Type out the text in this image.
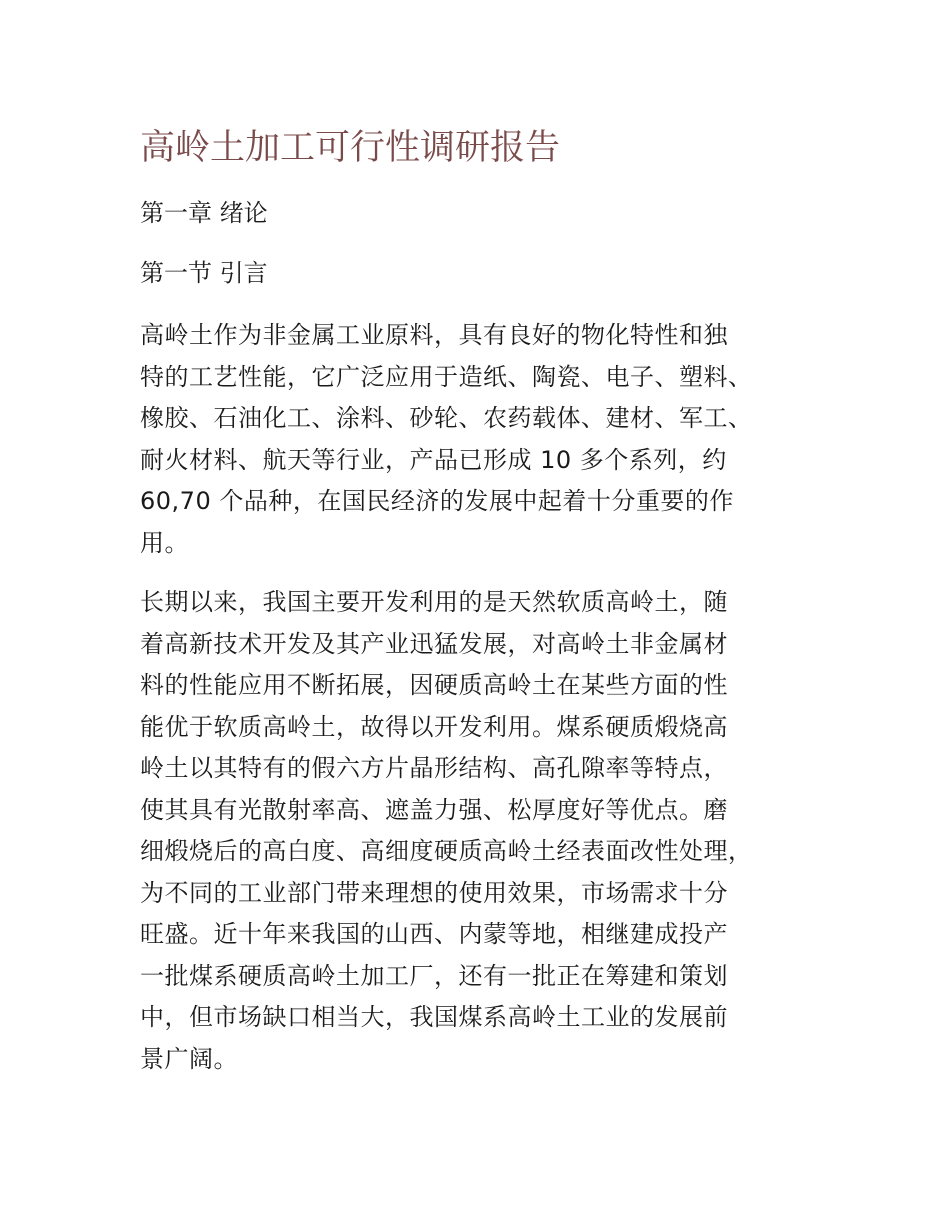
高岭土加工可行性调研报告
第一章 绪论
第一节 引言

高岭土作为非金属工业原料，具有良好的物化特性和独
特的工艺性能，它广泛应用于造纸、陶瓷、电子、塑料、
橡胶、石油化工、涂料、砂轮、农药载体、建材、军工、
耐火材料、航天等行业，产品已形成 10 多个系列，约
60,70 个品种，在国民经济的发展中起着十分重要的作
用。

长期以来，我国主要开发利用的是天然软质高岭土，随
着高新技术开发及其产业迅猛发展，对高岭土非金属材
料的性能应用不断拓展，因硬质高岭土在某些方面的性
能优于软质高岭土，故得以开发利用。煤系硬质煅烧高
岭土以其特有的假六方片晶形结构、高孔隙率等特点，
使其具有光散射率高、遮盖力强、松厚度好等优点。磨
细煅烧后的高白度、高细度硬质高岭土经表面改性处理，
为不同的工业部门带来理想的使用效果，市场需求十分
旺盛。近十年来我国的山西、内蒙等地，相继建成投产
一批煤系硬质高岭土加工厂，还有一批正在筹建和策划
中，但市场缺口相当大，我国煤系高岭土工业的发展前
景广阔。
